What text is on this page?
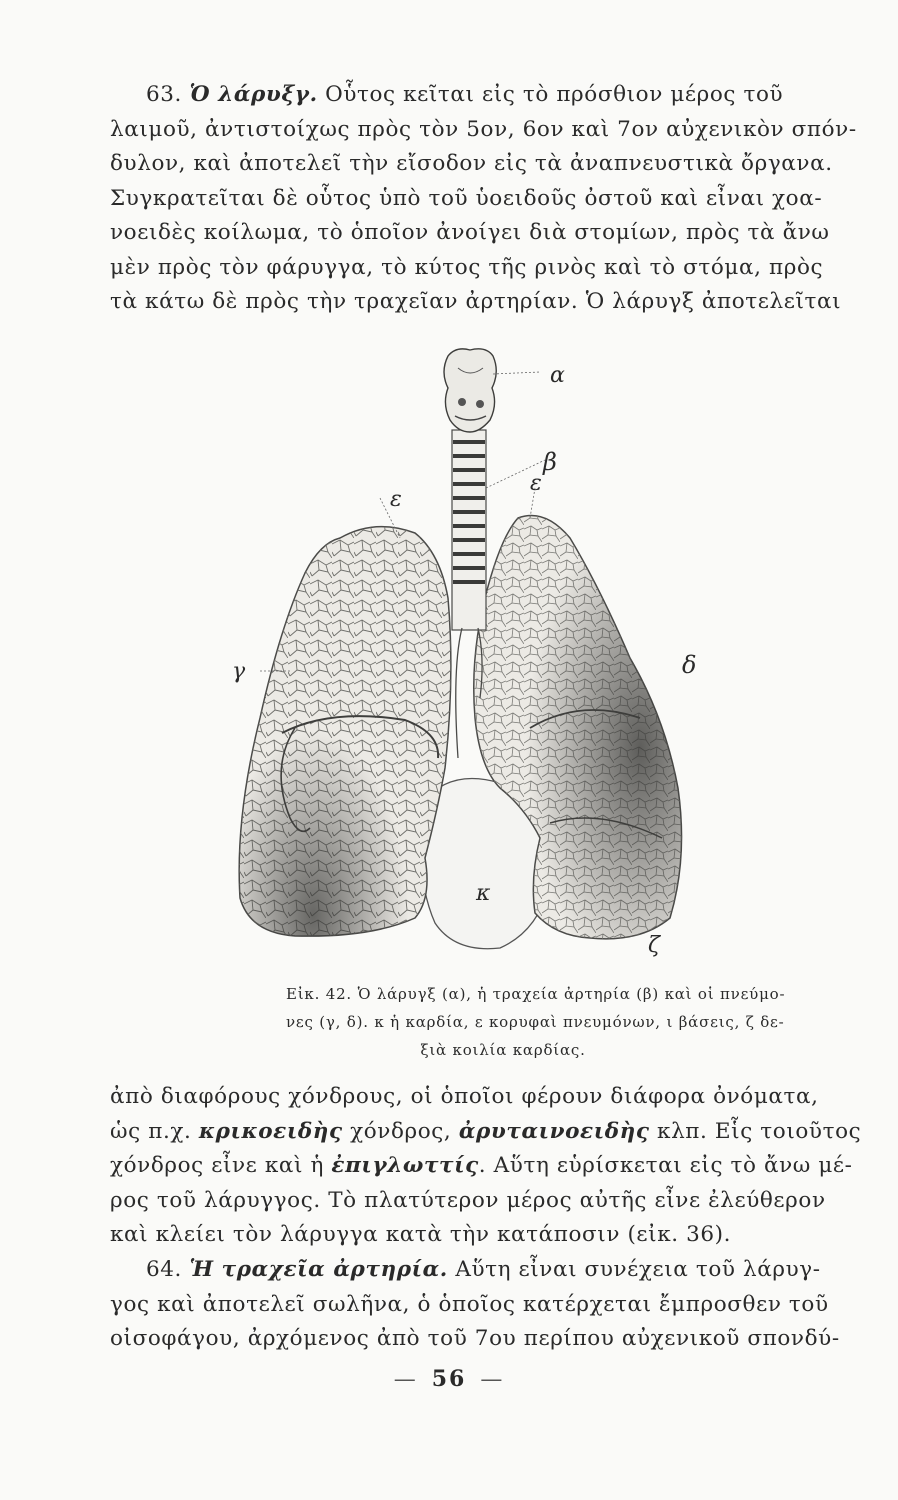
63. Ὁ λάρυξγ. Οὗτος κεῖται εἰς τὸ πρόσθιον μέρος τοῦ
λαιμοῦ, ἀντιστοίχως πρὸς τὸν 5ον, 6ον καὶ 7ον αὐχενικὸν σπόν-
δυλον, καὶ ἀποτελεῖ τὴν εἴσοδον εἰς τὰ ἀναπνευστικὰ ὄργανα.
Συγκρατεῖται δὲ οὗτος ὑπὸ τοῦ ὑοειδοῦς ὀστοῦ καὶ εἶναι χοα-
νοειδὲς κοίλωμα, τὸ ὁποῖον ἀνοίγει διὰ στομίων, πρὸς τὰ ἄνω
μὲν πρὸς τὸν φάρυγγα, τὸ κύτος τῆς ρινὸς καὶ τὸ στόμα, πρὸς
τὰ κάτω δὲ πρὸς τὴν τραχεῖαν ἀρτηρίαν. Ὁ λάρυγξ ἀποτελεῖται
α
β
ε
ε
γ	δ
κ
ζ
Εἰκ. 42. Ὁ λάρυγξ (α), ἡ τραχεία ἀρτηρία (β) καὶ οἱ πνεύμο-
νες (γ, δ). κ ἡ καρδία, ε κορυφαὶ πνευμόνων, ι βάσεις, ζ δε-
ξιὰ κοιλία καρδίας.
ἀπὸ διαφόρους χόνδρους, οἱ ὁποῖοι φέρουν διάφορα ὀνόματα,
ὡς π.χ. κρικοειδὴς χόνδρος, ἀρυταινοειδὴς κλπ. Εἷς τοιοῦτος
χόνδρος εἶνε καὶ ἡ ἐπιγλωττίς. Αὕτη εὑρίσκεται εἰς τὸ ἄνω μέ-
ρος τοῦ λάρυγγος. Τὸ πλατύτερον μέρος αὐτῆς εἶνε ἐλεύθερον
καὶ κλείει τὸν λάρυγγα κατὰ τὴν κατάποσιν (εἰκ. 36).
64. Ἡ τραχεῖα ἀρτηρία. Αὕτη εἶναι συνέχεια τοῦ λάρυγ-
γος καὶ ἀποτελεῖ σωλῆνα, ὁ ὁποῖος κατέρχεται ἔμπροσθεν τοῦ
οἰσοφάγου, ἀρχόμενος ἀπὸ τοῦ 7ου περίπου αὐχενικοῦ σπονδύ-
— 56 —
